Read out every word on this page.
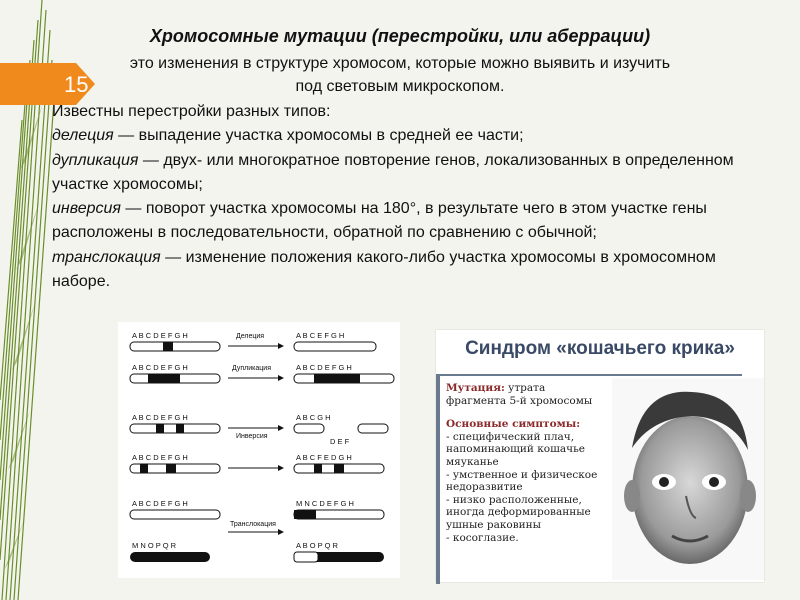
15
Хромосомные мутации (перестройки, или аберрации)
это изменения в структуре хромосом, которые можно выявить и изучить
под световым микроскопом.
Известны перестройки разных типов:
делеция — выпадение участка хромосомы в средней ее части;
дупликация — двух- или многократное повторение генов, локализованных в определенном участке хромосомы;
инверсия — поворот участка хромосомы на 180°, в результате чего в этом участке гены расположены в последовательности, обратной по сравнению с обычной;
транслокация — изменение положения какого-либо участка хромосомы в хромосомном наборе.
A B C D E F G H	Делеция	A B C E F G H
A B C D E F G H	Дупликация	A B C D E F G H
A B C D E F G H
Инверсия
A B C G H
D E F
A B C D E F G H	A B C F E D G H
A B C D E F G H
Транслокация
M N C D E F G H
M N O P Q R	A B O P Q R
Синдром «кошачьего крика»
Мутация: утрата фрагмента 5-й хромосомы
Основные симптомы:
- специфический плач, напоминающий кошачье мяуканье
- умственное и физическое недоразвитие
- низко расположенные, иногда деформированные ушные раковины
- косоглазие.
